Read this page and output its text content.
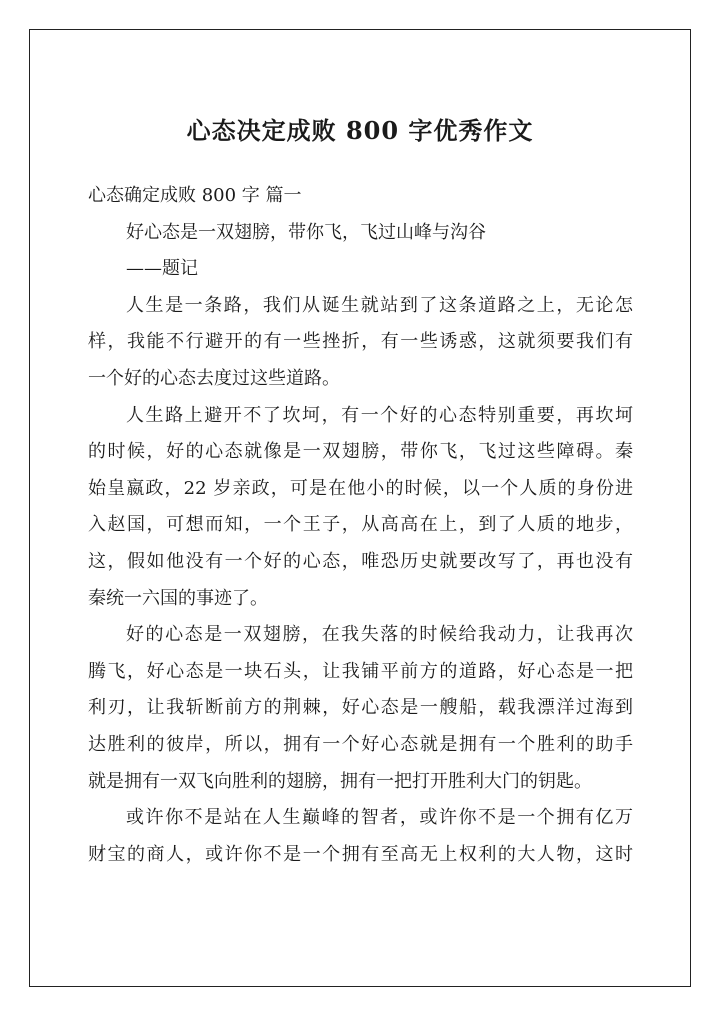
心态决定成败 800 字优秀作文
心态确定成败 800 字 篇一
好心态是一双翅膀，带你飞，飞过山峰与沟谷
——题记
人生是一条路，我们从诞生就站到了这条道路之上，无论怎
样，我能不行避开的有一些挫折，有一些诱惑，这就须要我们有
一个好的心态去度过这些道路。
人生路上避开不了坎坷，有一个好的心态特别重要，再坎坷
的时候，好的心态就像是一双翅膀，带你飞，飞过这些障碍。秦
始皇嬴政，22 岁亲政，可是在他小的时候，以一个人质的身份进
入赵国，可想而知，一个王子，从高高在上，到了人质的地步，
这，假如他没有一个好的心态，唯恐历史就要改写了，再也没有
秦统一六国的事迹了。
好的心态是一双翅膀，在我失落的时候给我动力，让我再次
腾飞，好心态是一块石头，让我铺平前方的道路，好心态是一把
利刃，让我斩断前方的荆棘，好心态是一艘船，载我漂洋过海到
达胜利的彼岸，所以，拥有一个好心态就是拥有一个胜利的助手
就是拥有一双飞向胜利的翅膀，拥有一把打开胜利大门的钥匙。
或许你不是站在人生巅峰的智者，或许你不是一个拥有亿万
财宝的商人，或许你不是一个拥有至高无上权利的大人物，这时
